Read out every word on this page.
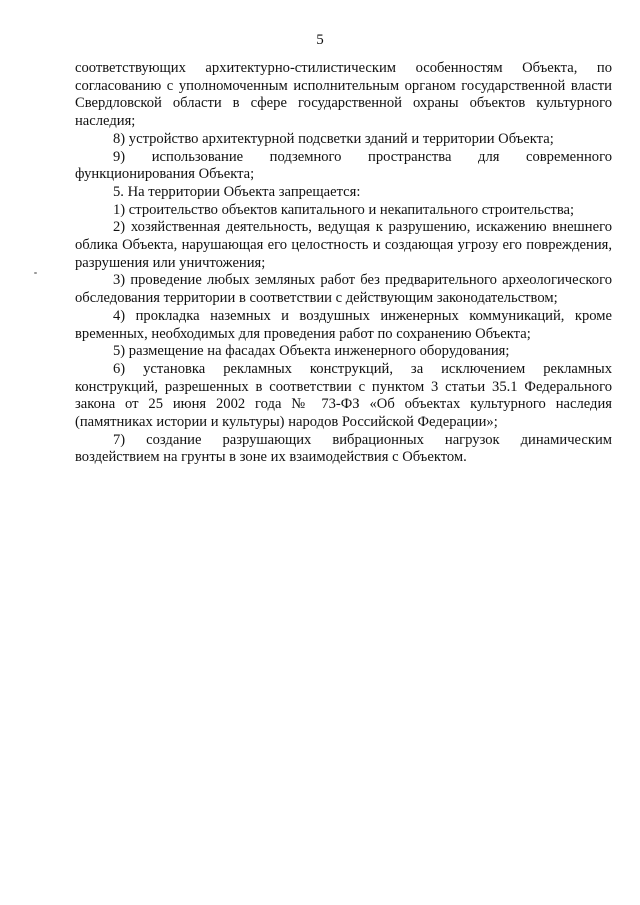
5

соответствующих архитектурно-стилистическим особенностям Объекта, по согласованию с уполномоченным исполнительным органом государственной власти Свердловской области в сфере государственной охраны объектов культурного наследия;

8) устройство архитектурной подсветки зданий и территории Объекта;

9) использование подземного пространства для современного функционирования Объекта;

5. На территории Объекта запрещается:

1) строительство объектов капитального и некапитального строительства;

2) хозяйственная деятельность, ведущая к разрушению, искажению внешнего облика Объекта, нарушающая его целостность и создающая угрозу его повреждения, разрушения или уничтожения;

3) проведение любых земляных работ без предварительного археологического обследования территории в соответствии с действующим законодательством;

4) прокладка наземных и воздушных инженерных коммуникаций, кроме временных, необходимых для проведения работ по сохранению Объекта;

5) размещение на фасадах Объекта инженерного оборудования;

6) установка рекламных конструкций, за исключением рекламных конструкций, разрешенных в соответствии с пунктом 3 статьи 35.1 Федерального закона от 25 июня 2002 года № 73-ФЗ «Об объектах культурного наследия (памятниках истории и культуры) народов Российской Федерации»;

7) создание разрушающих вибрационных нагрузок динамическим воздействием на грунты в зоне их взаимодействия с Объектом.
